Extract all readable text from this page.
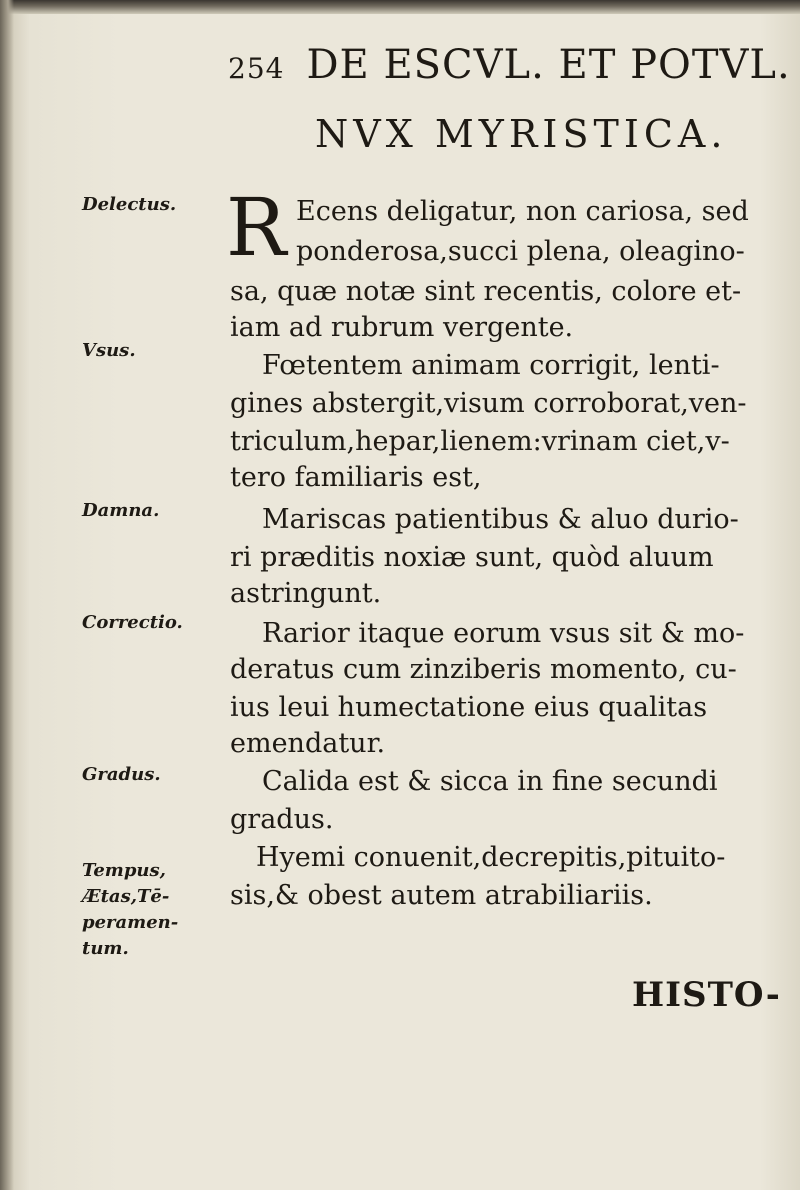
254 DE ESCVL. ET POTVL.
NVX MYRISTICA.
Delectus.
Vsus.
Damna.
Correctio.
Gradus.
Tempus,
Ætas,Tē-
peramen-
tum.
R Ecens deligatur, non cariosa, sed
ponderosa,succi plena, oleagino-
sa, quæ notæ sint recentis, colore et-
iam ad rubrum vergente.
Fœtentem animam corrigit, lenti-
gines abstergit,visum corroborat,ven-
triculum,hepar,lienem:vrinam ciet,v-
tero familiaris est,
Mariscas patientibus & aluo durio-
ri præditis noxiæ sunt, quòd aluum
astringunt.
Rarior itaque eorum vsus sit & mo-
deratus cum zinziberis momento, cu-
ius leui humectatione eius qualitas
emendatur.
Calida est & sicca in fine secundi
gradus.
Hyemi conuenit,decrepitis,pituito-
sis,& obest autem atrabiliariis.
HISTO-
